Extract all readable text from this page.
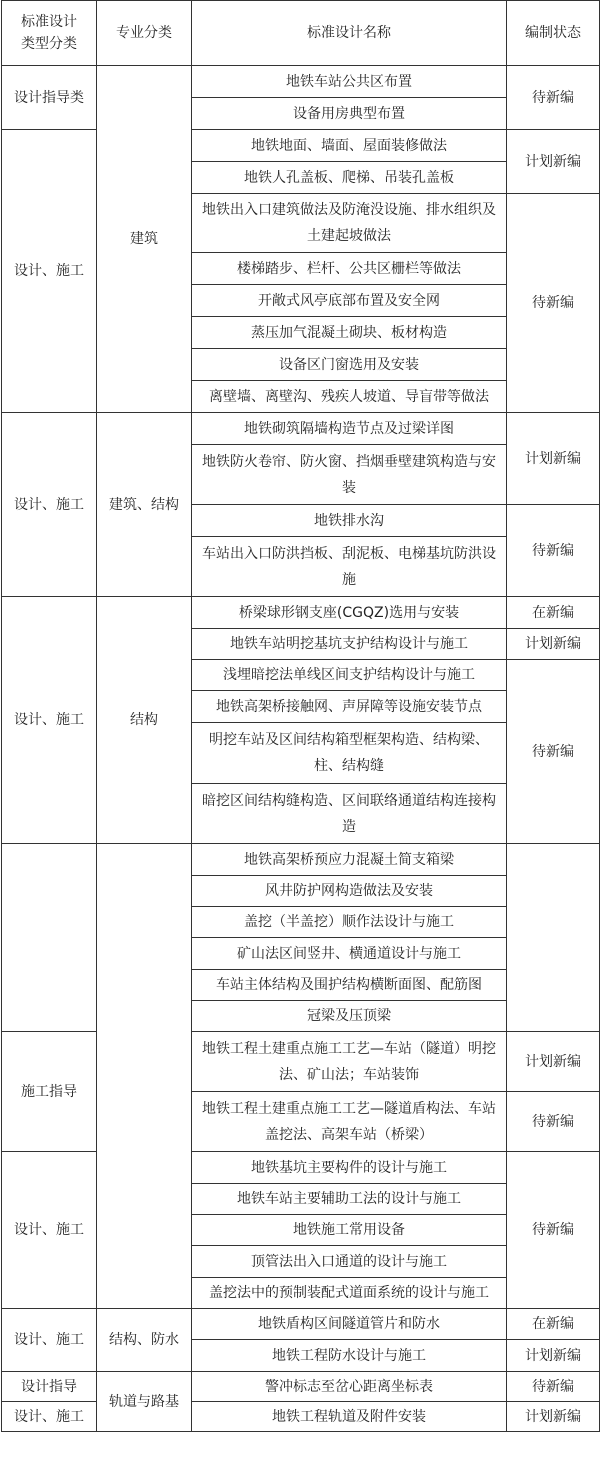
标准设计
类型分类	专业分类	标准设计名称	编制状态
设计指导类	建筑	地铁车站公共区布置	待新编
		设备用房典型布置	
设计、施工		地铁地面、墙面、屋面装修做法	计划新编
		地铁人孔盖板、爬梯、吊装孔盖板	
		地铁出入口建筑做法及防淹没设施、排水组织及土建起坡做法	待新编
		楼梯踏步、栏杆、公共区栅栏等做法	
		开敞式风亭底部布置及安全网	
		蒸压加气混凝土砌块、板材构造	
		设备区门窗选用及安装	
		离壁墙、离壁沟、残疾人坡道、导盲带等做法	
设计、施工	建筑、结构	地铁砌筑隔墙构造节点及过梁详图	计划新编
		地铁防火卷帘、防火窗、挡烟垂壁建筑构造与安装	
		地铁排水沟	待新编
		车站出入口防洪挡板、刮泥板、电梯基坑防洪设施	
设计、施工	结构	桥梁球形钢支座(CGQZ)选用与安装	在新编
		地铁车站明挖基坑支护结构设计与施工	计划新编
		浅埋暗挖法单线区间支护结构设计与施工	待新编
		地铁高架桥接触网、声屏障等设施安装节点	
		明挖车站及区间结构箱型框架构造、结构梁、柱、结构缝	
		暗挖区间结构缝构造、区间联络通道结构连接构造	
		地铁高架桥预应力混凝土简支箱梁	
		风井防护网构造做法及安装	
		盖挖（半盖挖）顺作法设计与施工	
		矿山法区间竖井、横通道设计与施工	
		车站主体结构及围护结构横断面图、配筋图	
		冠梁及压顶梁	
施工指导		地铁工程土建重点施工工艺—车站（隧道）明挖法、矿山法；车站装饰	计划新编
		地铁工程土建重点施工工艺—隧道盾构法、车站盖挖法、高架车站（桥梁）	待新编
设计、施工		地铁基坑主要构件的设计与施工	待新编
		地铁车站主要辅助工法的设计与施工	
		地铁施工常用设备	
		顶管法出入口通道的设计与施工	
		盖挖法中的预制装配式道面系统的设计与施工	
设计、施工	结构、防水	地铁盾构区间隧道管片和防水	在新编
		地铁工程防水设计与施工	计划新编
设计指导	轨道与路基	警冲标志至岔心距离坐标表	待新编
设计、施工		地铁工程轨道及附件安装	计划新编
